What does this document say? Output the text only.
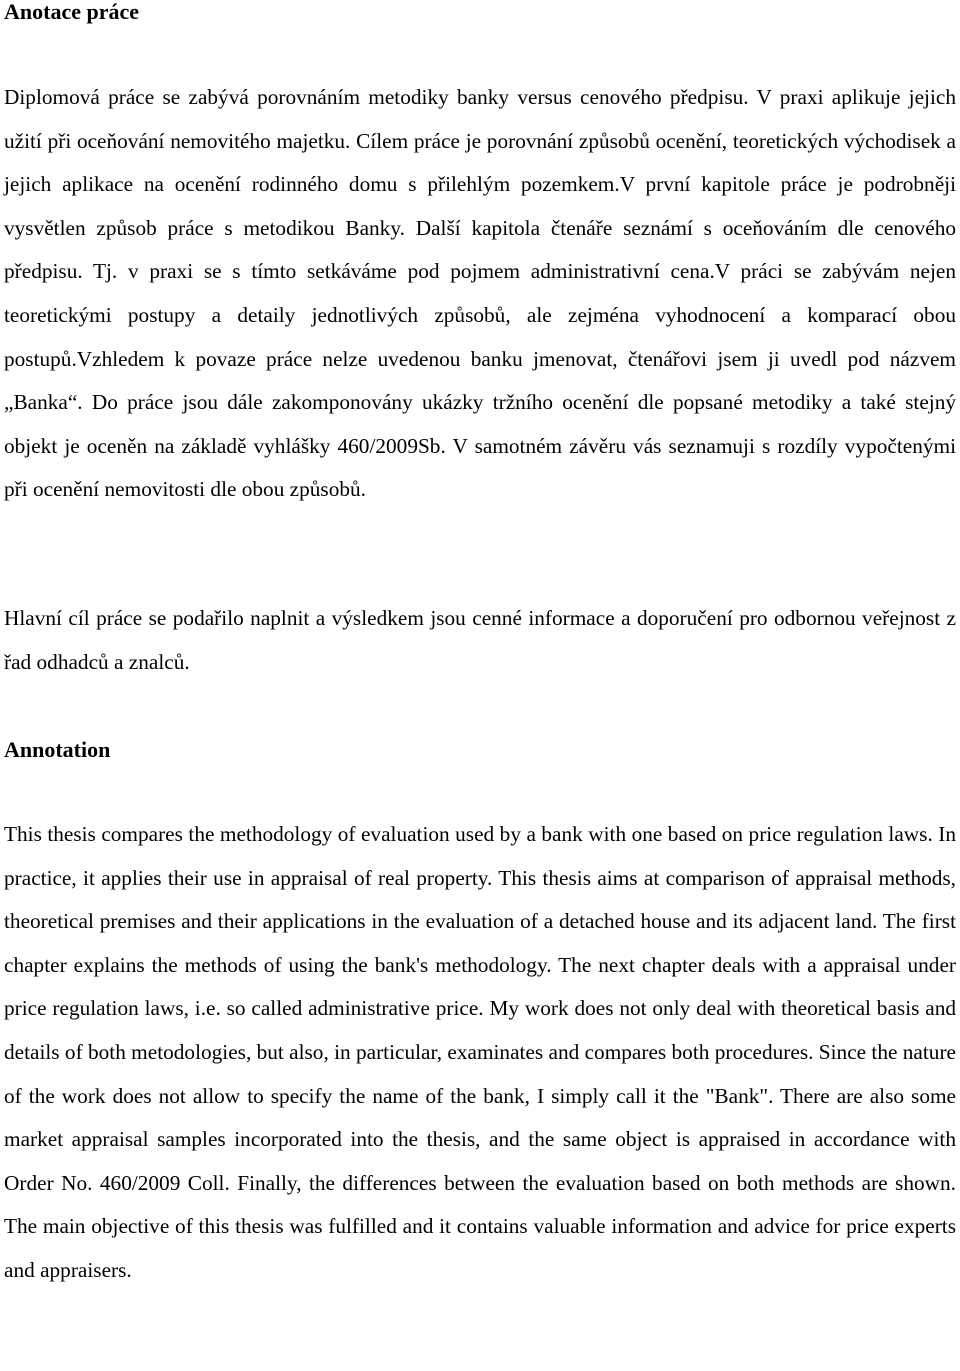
Anotace práce

Diplomová práce se zabývá porovnáním metodiky banky versus cenového předpisu. V praxi aplikuje jejich užití při oceňování nemovitého majetku. Cílem práce je porovnání způsobů ocenění, teoretických východisek a jejich aplikace na ocenění rodinného domu s přilehlým pozemkem.V první kapitole práce je podrobněji vysvětlen způsob práce s metodikou Banky. Další kapitola čtenáře seznámí s oceňováním dle cenového předpisu. Tj. v praxi se s tímto setkáváme pod pojmem administrativní cena.V práci se zabývám nejen teoretickými postupy a detaily jednotlivých způsobů, ale zejména vyhodnocení a komparací obou postupů.Vzhledem k povaze práce nelze uvedenou banku jmenovat, čtenářovi jsem ji uvedl pod názvem „Banka“. Do práce jsou dále zakomponovány ukázky tržního ocenění dle popsané metodiky a také stejný objekt je oceněn na základě vyhlášky 460/2009Sb. V samotném závěru vás seznamuji s rozdíly vypočtenými při ocenění nemovitosti dle obou způsobů.

Hlavní cíl práce se podařilo naplnit a výsledkem jsou cenné informace a doporučení pro odbornou veřejnost z řad odhadců a znalců.

Annotation

This thesis compares the methodology of evaluation used by a bank with one based on price regulation laws. In practice, it applies their use in appraisal of real property. This thesis aims at comparison of appraisal methods, theoretical premises and their applications in the evaluation of a detached house and its adjacent land. The first chapter explains the methods of using the bank's methodology. The next chapter deals with a appraisal under price regulation laws, i.e. so called administrative price. My work does not only deal with theoretical basis and details of both metodologies, but also, in particular, examinates and compares both procedures. Since the nature of the work does not allow to specify the name of the bank, I simply call it the "Bank". There are also some market appraisal samples incorporated into the thesis, and the same object is appraised in accordance with Order No. 460/2009 Coll. Finally, the differences between the evaluation based on both methods are shown. The main objective of this thesis was fulfilled and it contains valuable information and advice for price experts and appraisers.
